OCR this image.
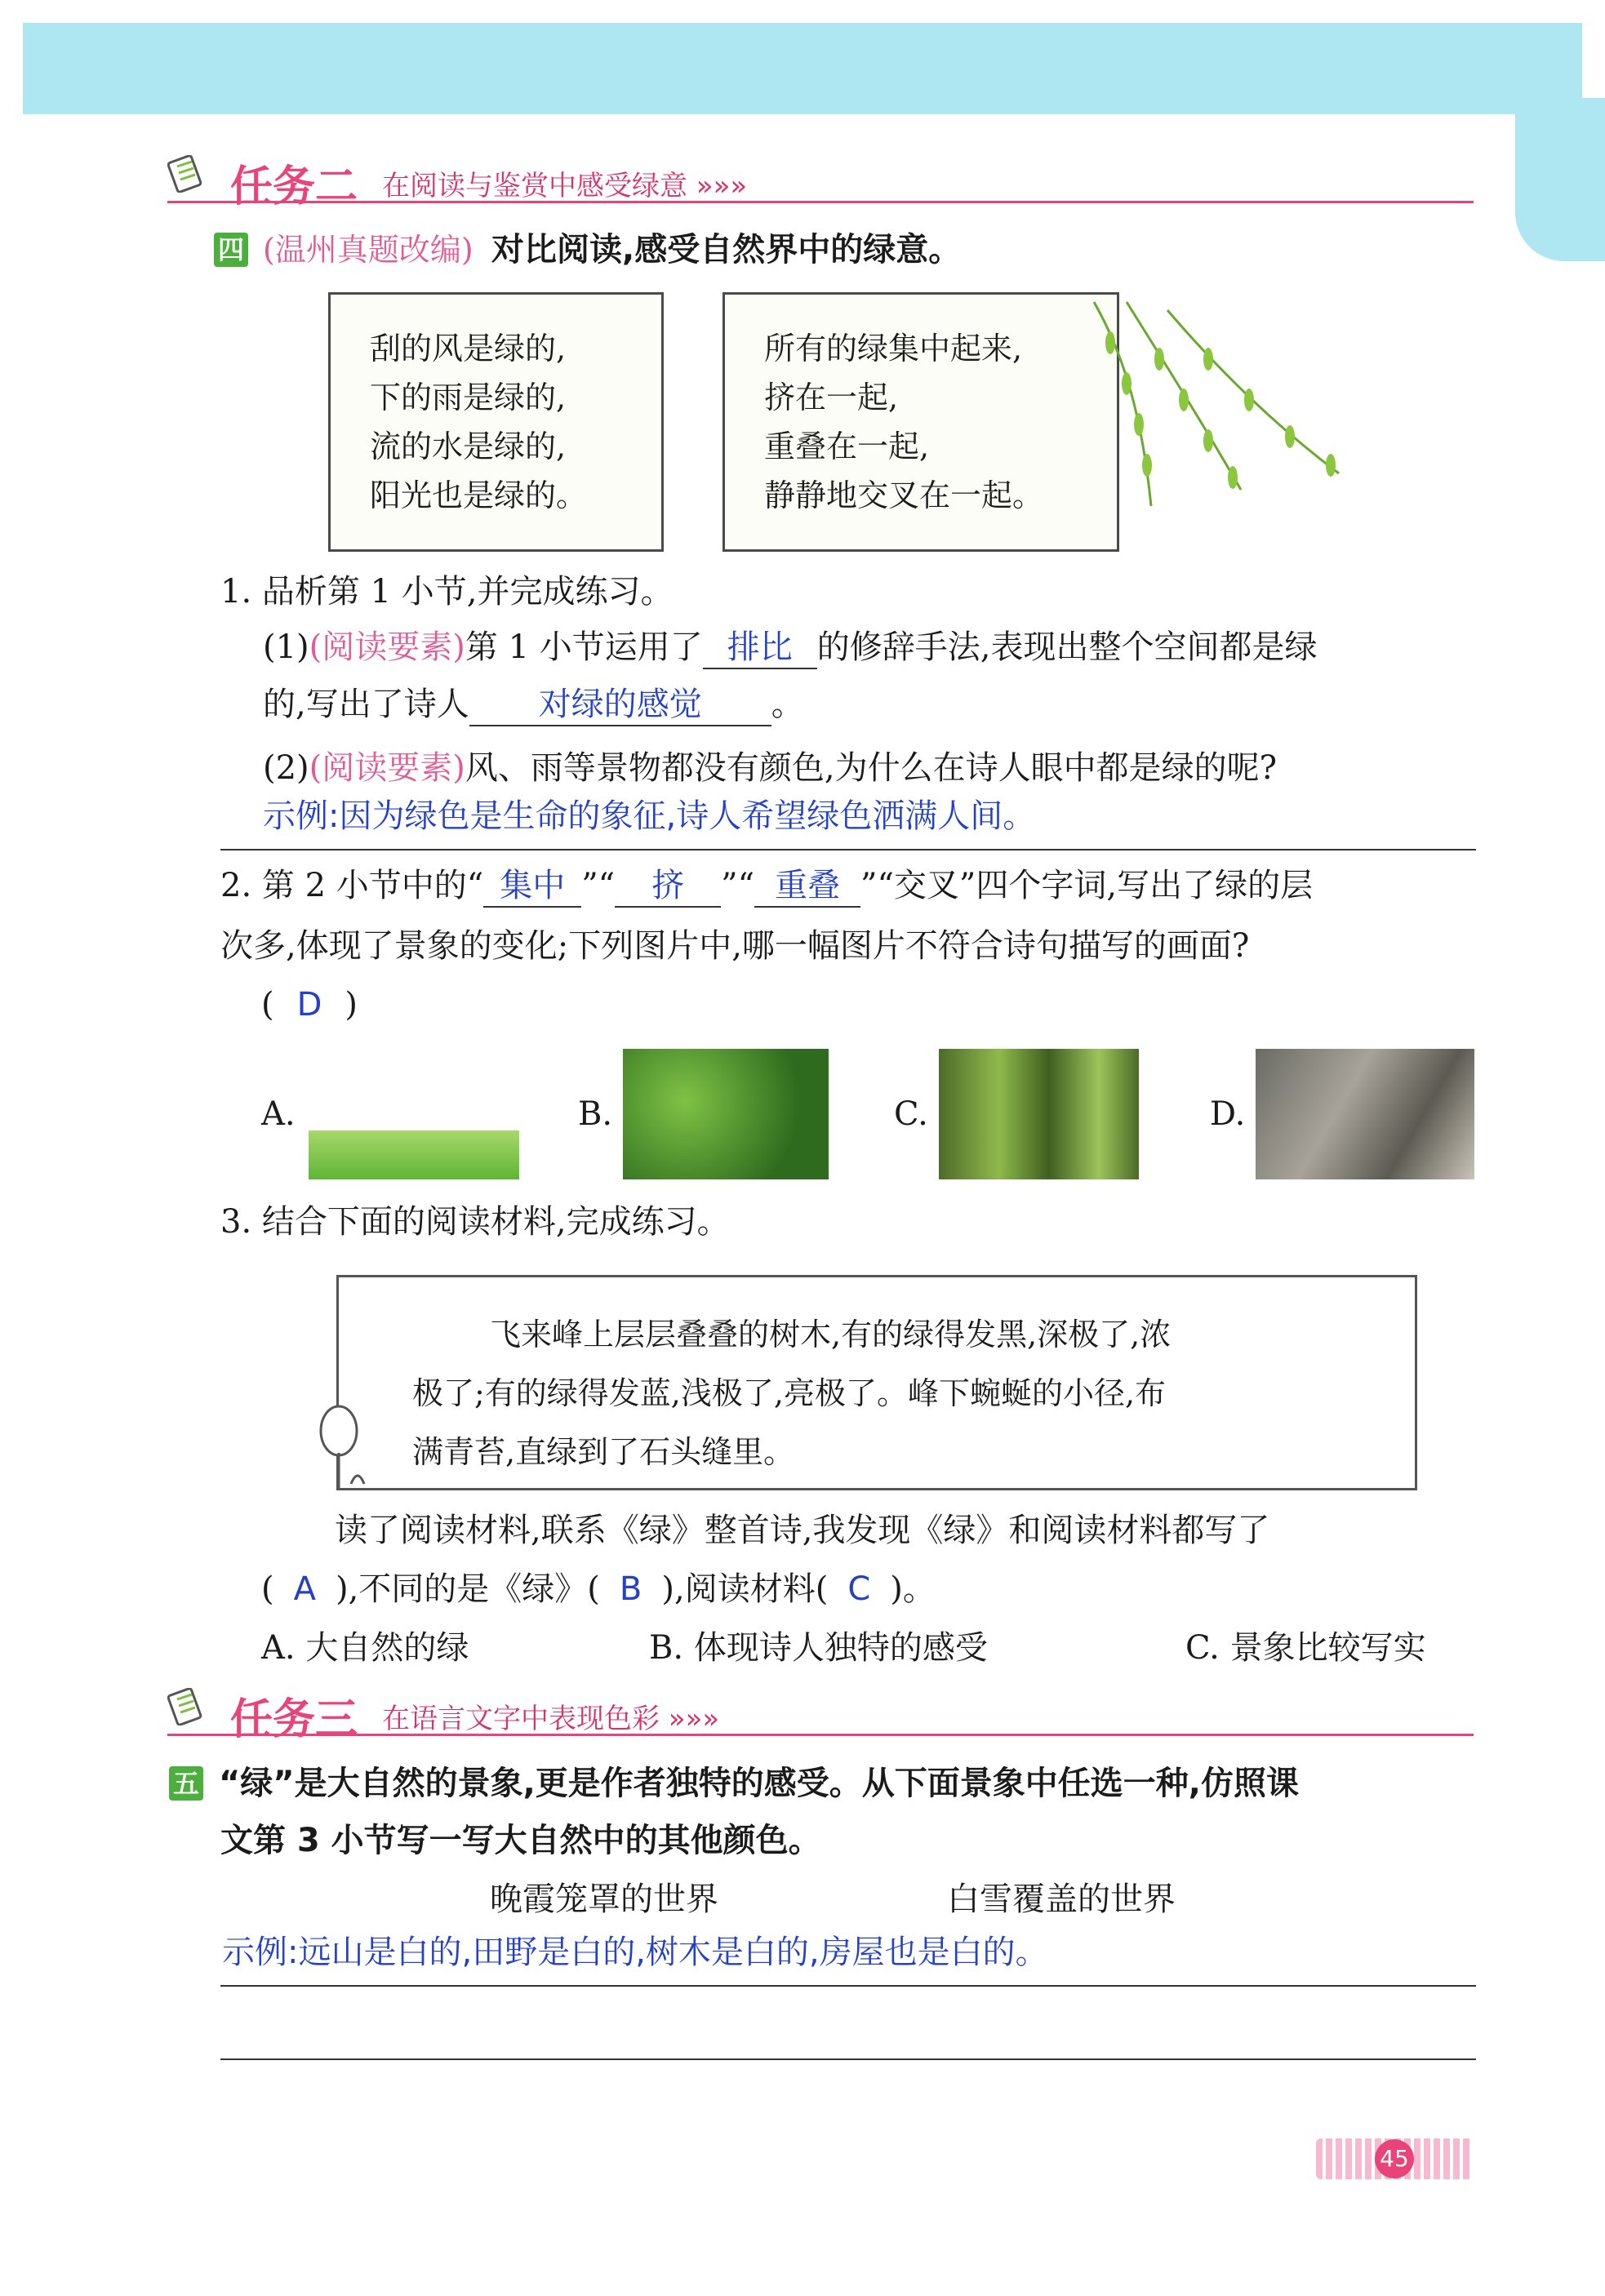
任务二 在阅读与鉴赏中感受绿意 »»»
四 (温州真题改编) 对比阅读,感受自然界中的绿意。
刮的风是绿的,
下的雨是绿的,
流的水是绿的,
阳光也是绿的。
所有的绿集中起来,
挤在一起,
重叠在一起,
静静地交叉在一起。
1. 品析第 1 小节,并完成练习。
(1)(阅读要素)第 1 小节运用了 排比 的修辞手法,表现出整个空间都是绿
的,写出了诗人 对绿的感觉 。
(2)(阅读要素)风、雨等景物都没有颜色,为什么在诗人眼中都是绿的呢?
示例:因为绿色是生命的象征,诗人希望绿色洒满人间。
2. 第 2 小节中的“ 集中 ”“ 挤 ”“ 重叠 ”“交叉”四个字词,写出了绿的层
次多,体现了景象的变化;下列图片中,哪一幅图片不符合诗句描写的画面?
( D )
A.	B.	C.	D.
3. 结合下面的阅读材料,完成练习。
飞来峰上层层叠叠的树木,有的绿得发黑,深极了,浓
极了;有的绿得发蓝,浅极了,亮极了。峰下蜿蜒的小径,布
满青苔,直绿到了石头缝里。
读了阅读材料,联系《绿》整首诗,我发现《绿》和阅读材料都写了
( A ),不同的是《绿》( B ),阅读材料( C )。
A. 大自然的绿	B. 体现诗人独特的感受	C. 景象比较写实
任务三 在语言文字中表现色彩 »»»
五 “绿”是大自然的景象,更是作者独特的感受。从下面景象中任选一种,仿照课
文第 3 小节写一写大自然中的其他颜色。
晚霞笼罩的世界	白雪覆盖的世界
示例:远山是白的,田野是白的,树木是白的,房屋也是白的。
45
